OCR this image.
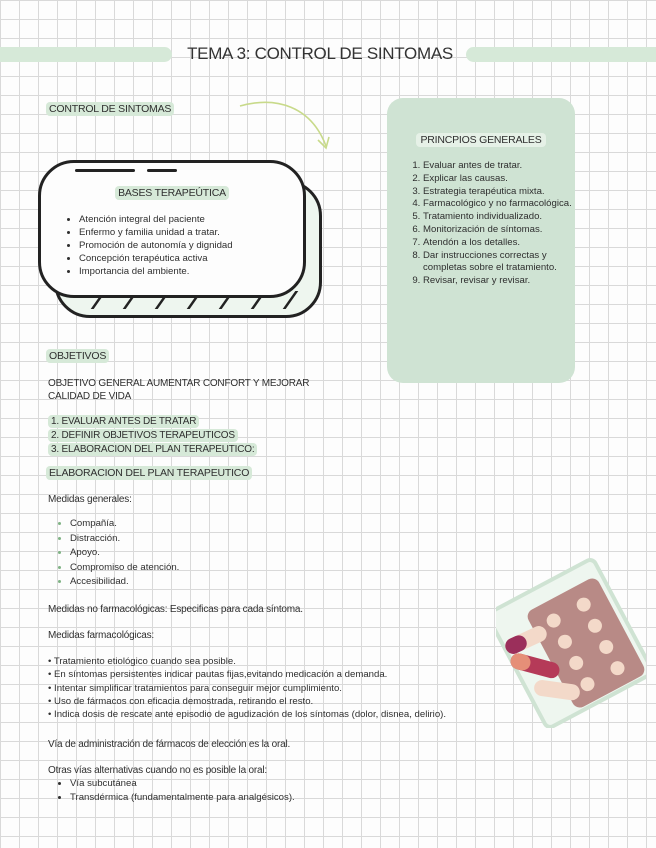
TEMA 3: CONTROL DE SINTOMAS
CONTROL DE SINTOMAS
BASES TERAPEÚTICA
• Atención integral del paciente
• Enfermo y familia unidad a tratar.
• Promoción de autonomía y dignidad
• Concepción terapéutica activa
• Importancia del ambiente.
PRINCPIOS GENERALES
1. Evaluar antes de tratar.
2. Explicar las causas.
3. Estrategia terapéutica mixta.
4. Farmacológico y no farmacológica.
5. Tratamiento individualizado.
6. Monitorización de síntomas.
7. Atendón a los detalles.
8. Dar instrucciones correctas y completas sobre el tratamiento.
9. Revisar, revisar y revisar.
OBJETIVOS
OBJETIVO GENERAL AUMENTAR CONFORT Y MEJORAR
CALIDAD DE VIDA
1. EVALUAR ANTES DE TRATAR
2. DEFINIR OBJETIVOS TERAPEUTICOS
3. ELABORACION DEL PLAN TERAPEUTICO:
ELABORACION DEL PLAN TERAPEUTICO
Medidas generales:
• Compañía.
• Distracción.
• Apoyo.
• Compromiso de atención.
• Accesibilidad.
Medidas no farmacológicas: Especificas para cada síntoma.
Medidas farmacológicas:
• Tratamiento etiológico cuando sea posible.
• En síntomas persistentes indicar pautas fijas,evitando medicación a demanda.
• Intentar simplificar tratamientos para conseguir mejor cumplimiento.
• Uso de fármacos con eficacia demostrada, retirando el resto.
• Indica dosis de rescate ante episodio de agudización de los síntomas (dolor, disnea, delirio).
Vía de administración de fármacos de elección es la oral.
Otras vías alternativas cuando no es posible la oral:
• Vía subcutánea
• Transdérmica (fundamentalmente para analgésicos).
